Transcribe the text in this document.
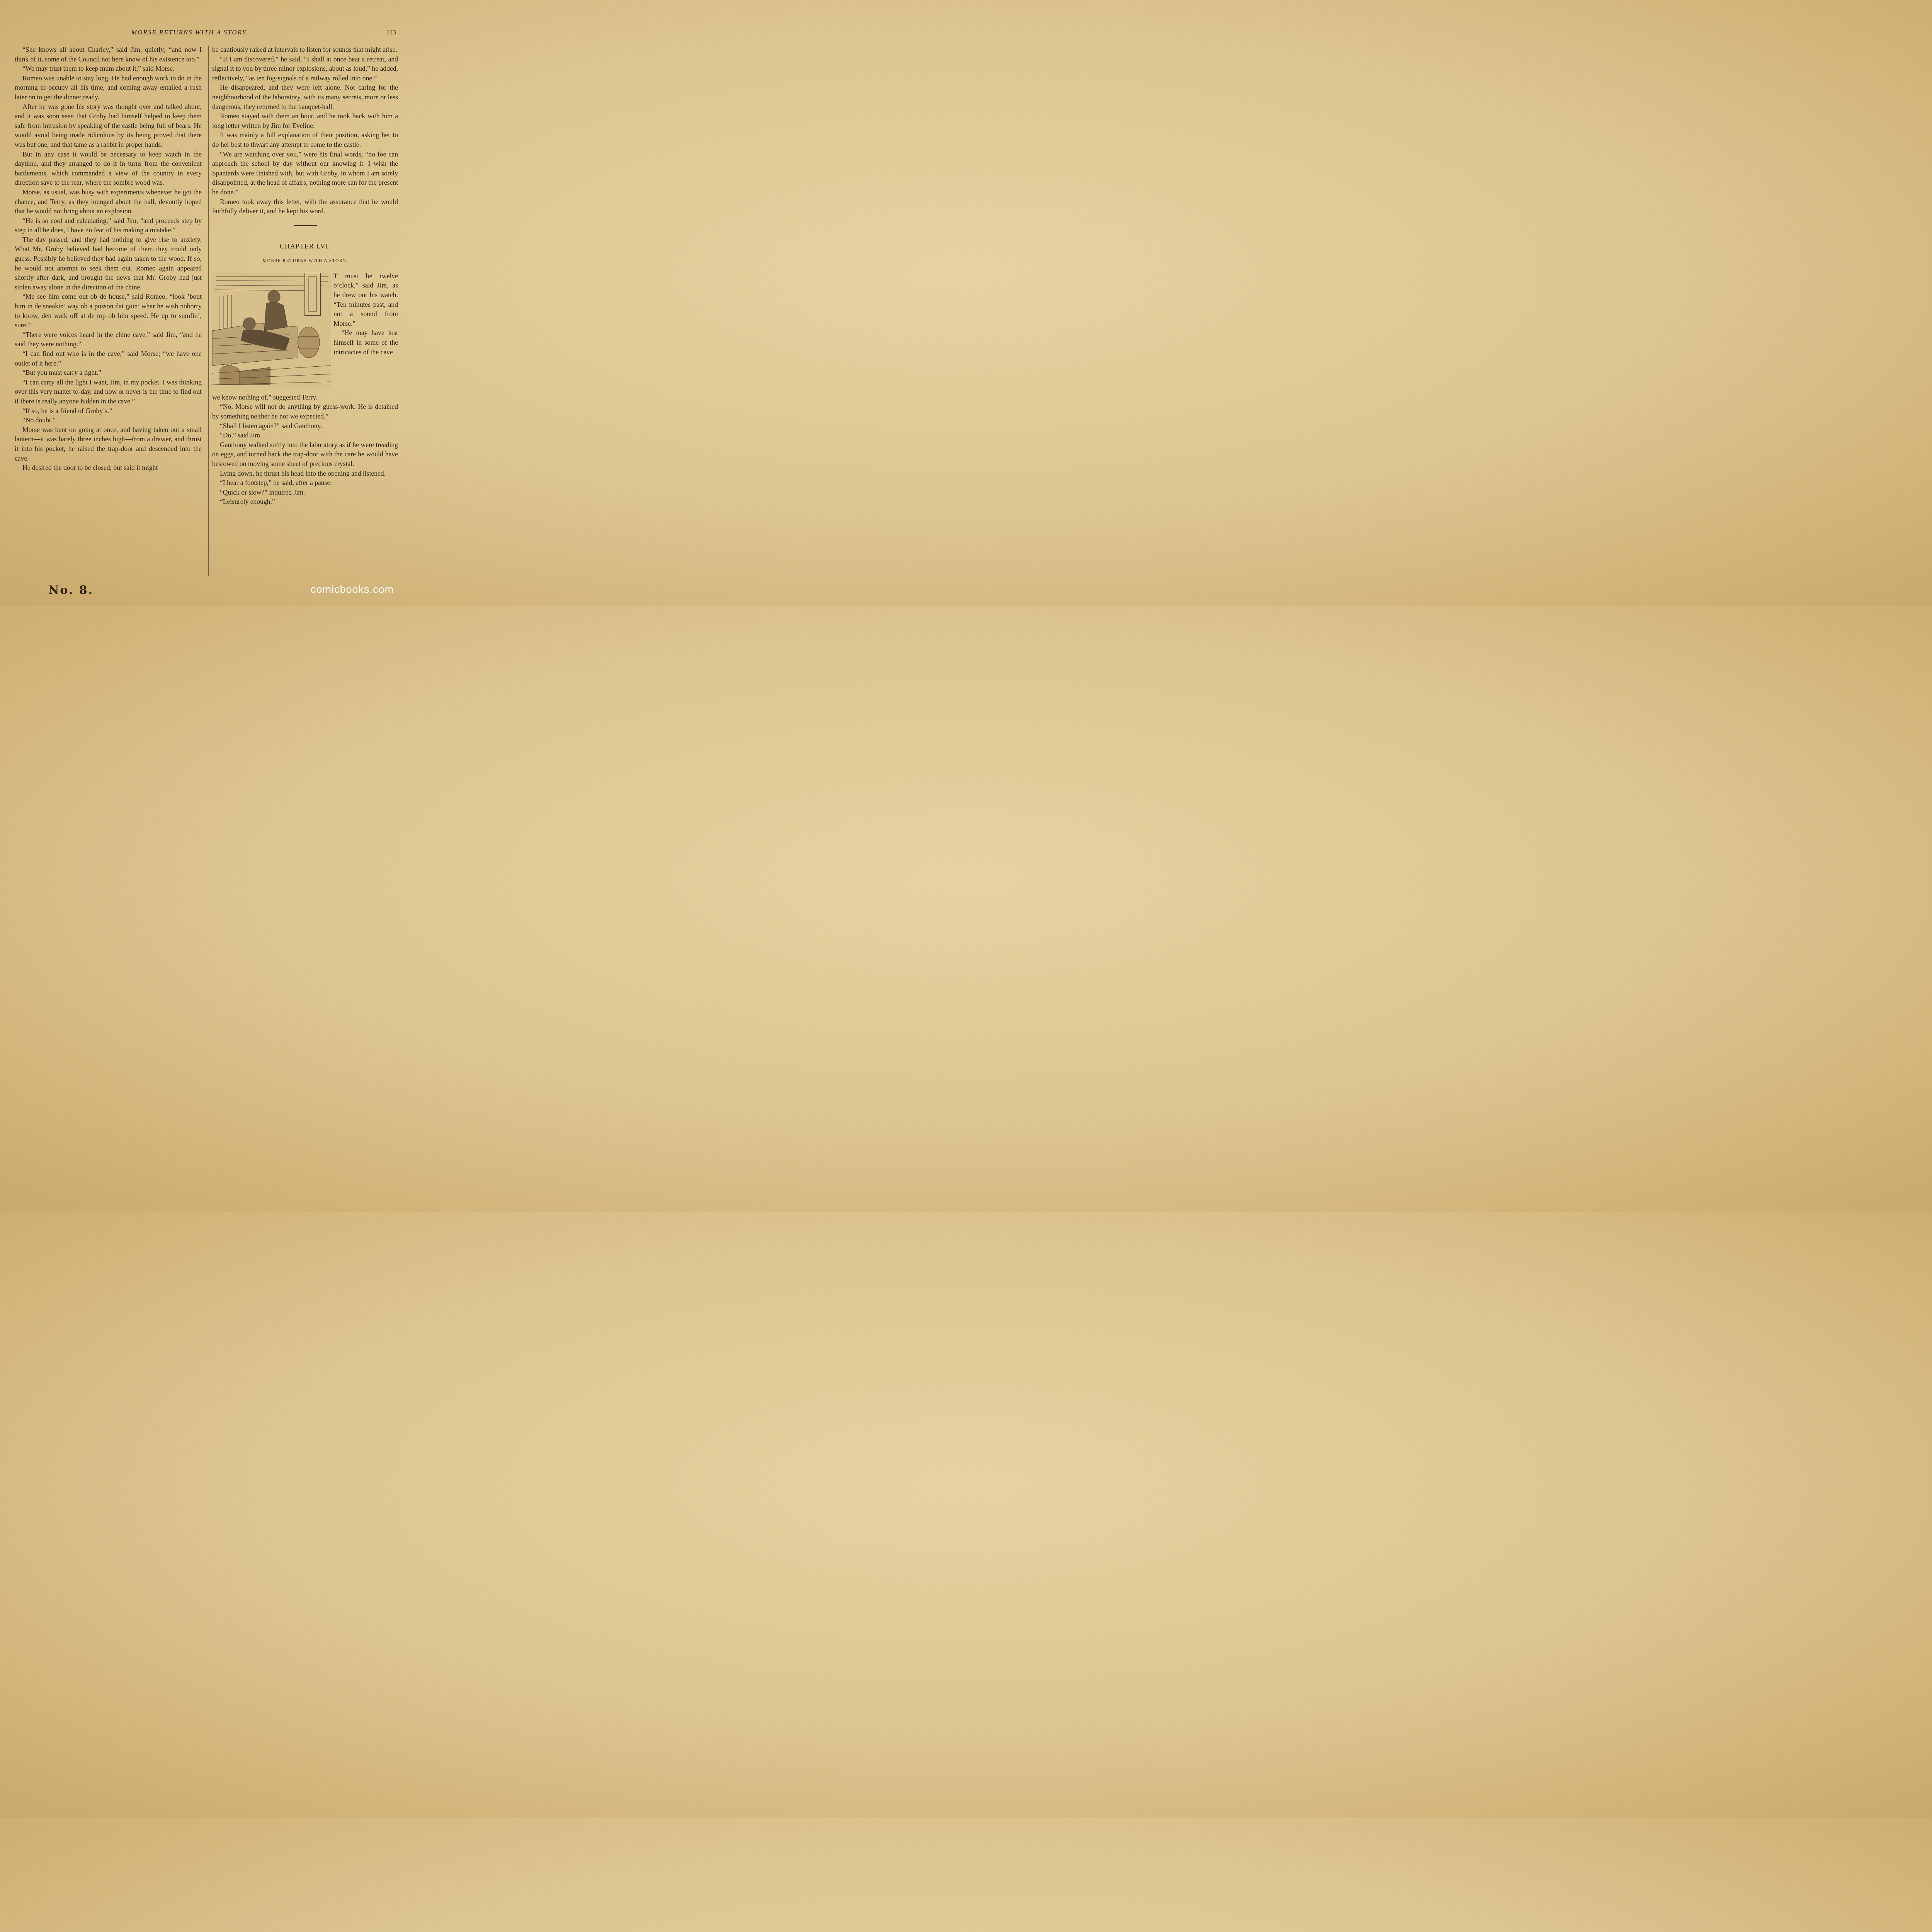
MORSE RETURNS WITH A STORY.	113

“She knows all about Charley,” said Jim, quietly; “and now I think of it, some of the Council not here know of his existence too.”

“We may trust them to keep mum about it,” said Morse.

Romeo was unable to stay long. He had enough work to do in the morning to occupy all his time, and coming away entailed a rush later on to get the dinner ready.

After he was gone his story was thought over and talked about, and it was soon seen that Groby had himself helped to keep them safe from intrusion by speaking of the castle being full of bears. He would avoid being made ridiculous by its being proved that there was but one, and that tame as a rabbit in proper hands.

But in any case it would be necessary to keep watch in the daytime, and they arranged to do it in turns from the convenient battlements, which commanded a view of the country in every direction save to the rear, where the sombre wood was.

Morse, as usual, was busy with experiments whenever he got the chance, and Terry, as they lounged about the hall, devoutly hoped that he would not bring about an explosion.

“He is so cool and calculating,” said Jim, “and proceeds step by step in all he does, I have no fear of his making a mistake.”

The day passed, and they had nothing to give rise to anxiety. What Mr. Groby believed had become of them they could only guess. Possibly he believed they had again taken to the wood. If so, he would not attempt to seek them out. Romeo again appeared shortly after dark, and brought the news that Mr. Groby had just stolen away alone in the direction of the chine.

“Me see him come out ob de house,” said Romeo, “look ’bout him in de sneakin’ way ob a pusson dat goin’ whar he wish noborry to know, den walk off at de top ob him speed. He up to sumfin’, sure.”

“There were voices heard in the chine cave,” said Jim, “and he said they were nothing.”

“I can find out who is in the cave,” said Morse; “we have one outlet of it here.”

“But you must carry a light.”

“I can carry all the light I want, Jim, in my pocket. I was thinking over this very matter to-day, and now or never is the time to find out if there is really anyone hidden in the cave.”

“If so, he is a friend of Groby’s.”

“No doubt.”

Morse was bent on going at once, and having taken out a small lantern—it was barely three inches high—from a drawer, and thrust it into his pocket, he raised the trap-door and descended into the cave.

He desired the door to be closed, but said it might

be cautiously raised at intervals to listen for sounds that might arise.

“If I am discovered,” he said, “I shall at once beat a retreat, and signal it to you by three minor explosions, about as loud,” he added, reflectively, “as ten fog-signals of a railway rolled into one.”

He disappeared, and they were left alone. Not caring for the neighbourhood of the laboratory, with its many secrets, more or less dangerous, they returned to the banquet-hall.

Romeo stayed with them an hour, and he took back with him a long letter written by Jim for Eveline.

It was mainly a full explanation of their position, asking her to do her best to thwart any attempt to come to the castle.

“We are watching over you,” were his final words; “no foe can approach the school by day without our knowing it. I wish the Spaniards were finished with, but with Groby, in whom I am sorely disappointed, at the head of affairs, nothing more can for the present be done.”

Romeo took away this letter, with the assurance that he would faithfully deliver it, and he kept his word.

CHAPTER LVI.
MORSE RETURNS WITH A STORY.

T must be twelve o’clock,” said Jim, as he drew out his watch. “Ten minutes past, and not a sound from Morse.”

“He may have lost himself in some of the intricacies of the cave

we know nothing of,” suggested Terry.

“No; Morse will not do anything by guess-work. He is detained by something neither he nor we expected.”

“Shall I listen again?” said Ganthony.

“Do,” said Jim.

Ganthony walked softly into the laboratory as if he were treading on eggs, and turned back the trap-door with the care he would have bestowed on moving some sheet of precious crystal.

Lying down, he thrust his head into the opening and listened.

“I hear a footstep,” he said, after a pause.

“Quick or slow?” inquired Jim.

“Leisurely enough.”

No. 8.	comicbooks.com
